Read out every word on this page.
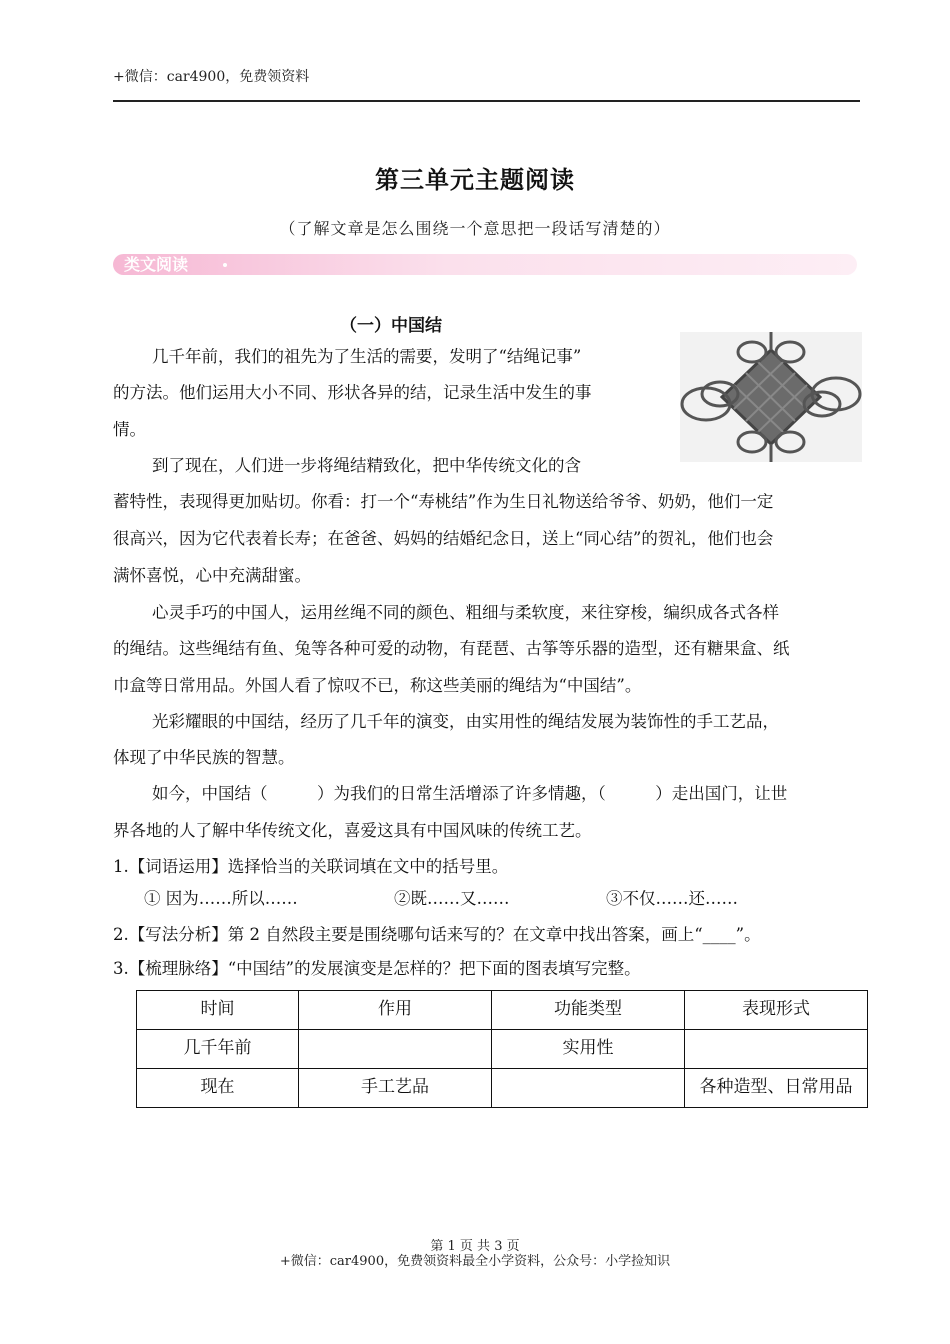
+微信：car4900，免费领资料
第三单元主题阅读
（了解文章是怎么围绕一个意思把一段话写清楚的）
类文阅读
（一）中国结
几千年前，我们的祖先为了生活的需要，发明了“结绳记事”
的方法。他们运用大小不同、形状各异的结，记录生活中发生的事
情。
到了现在，人们进一步将绳结精致化，把中华传统文化的含
蓄特性，表现得更加贴切。你看：打一个“寿桃结”作为生日礼物送给爷爷、奶奶，他们一定
很高兴，因为它代表着长寿；在爸爸、妈妈的结婚纪念日，送上“同心结”的贺礼，他们也会
满怀喜悦，心中充满甜蜜。
心灵手巧的中国人，运用丝绳不同的颜色、粗细与柔软度，来往穿梭，编织成各式各样
的绳结。这些绳结有鱼、兔等各种可爱的动物，有琵琶、古筝等乐器的造型，还有糖果盒、纸
巾盒等日常用品。外国人看了惊叹不已，称这些美丽的绳结为“中国结”。
光彩耀眼的中国结，经历了几千年的演变，由实用性的绳结发展为装饰性的手工艺品，
体现了中华民族的智慧。
如今，中国结（　　　）为我们的日常生活增添了许多情趣，（　　　）走出国门，让世
界各地的人了解中华传统文化，喜爱这具有中国风味的传统工艺。
1.【词语运用】选择恰当的关联词填在文中的括号里。
① 因为……所以……	②既……又……	③不仅……还……
2.【写法分析】第 2 自然段主要是围绕哪句话来写的？在文章中找出答案，画上“____”。
3.【梳理脉络】“中国结”的发展演变是怎样的？把下面的图表填写完整。
时间	作用	功能类型	表现形式
几千年前		实用性	
现在	手工艺品		各种造型、日常用品
第 1 页 共 3 页
+微信：car4900，免费领资料最全小学资料，公众号：小学捡知识
